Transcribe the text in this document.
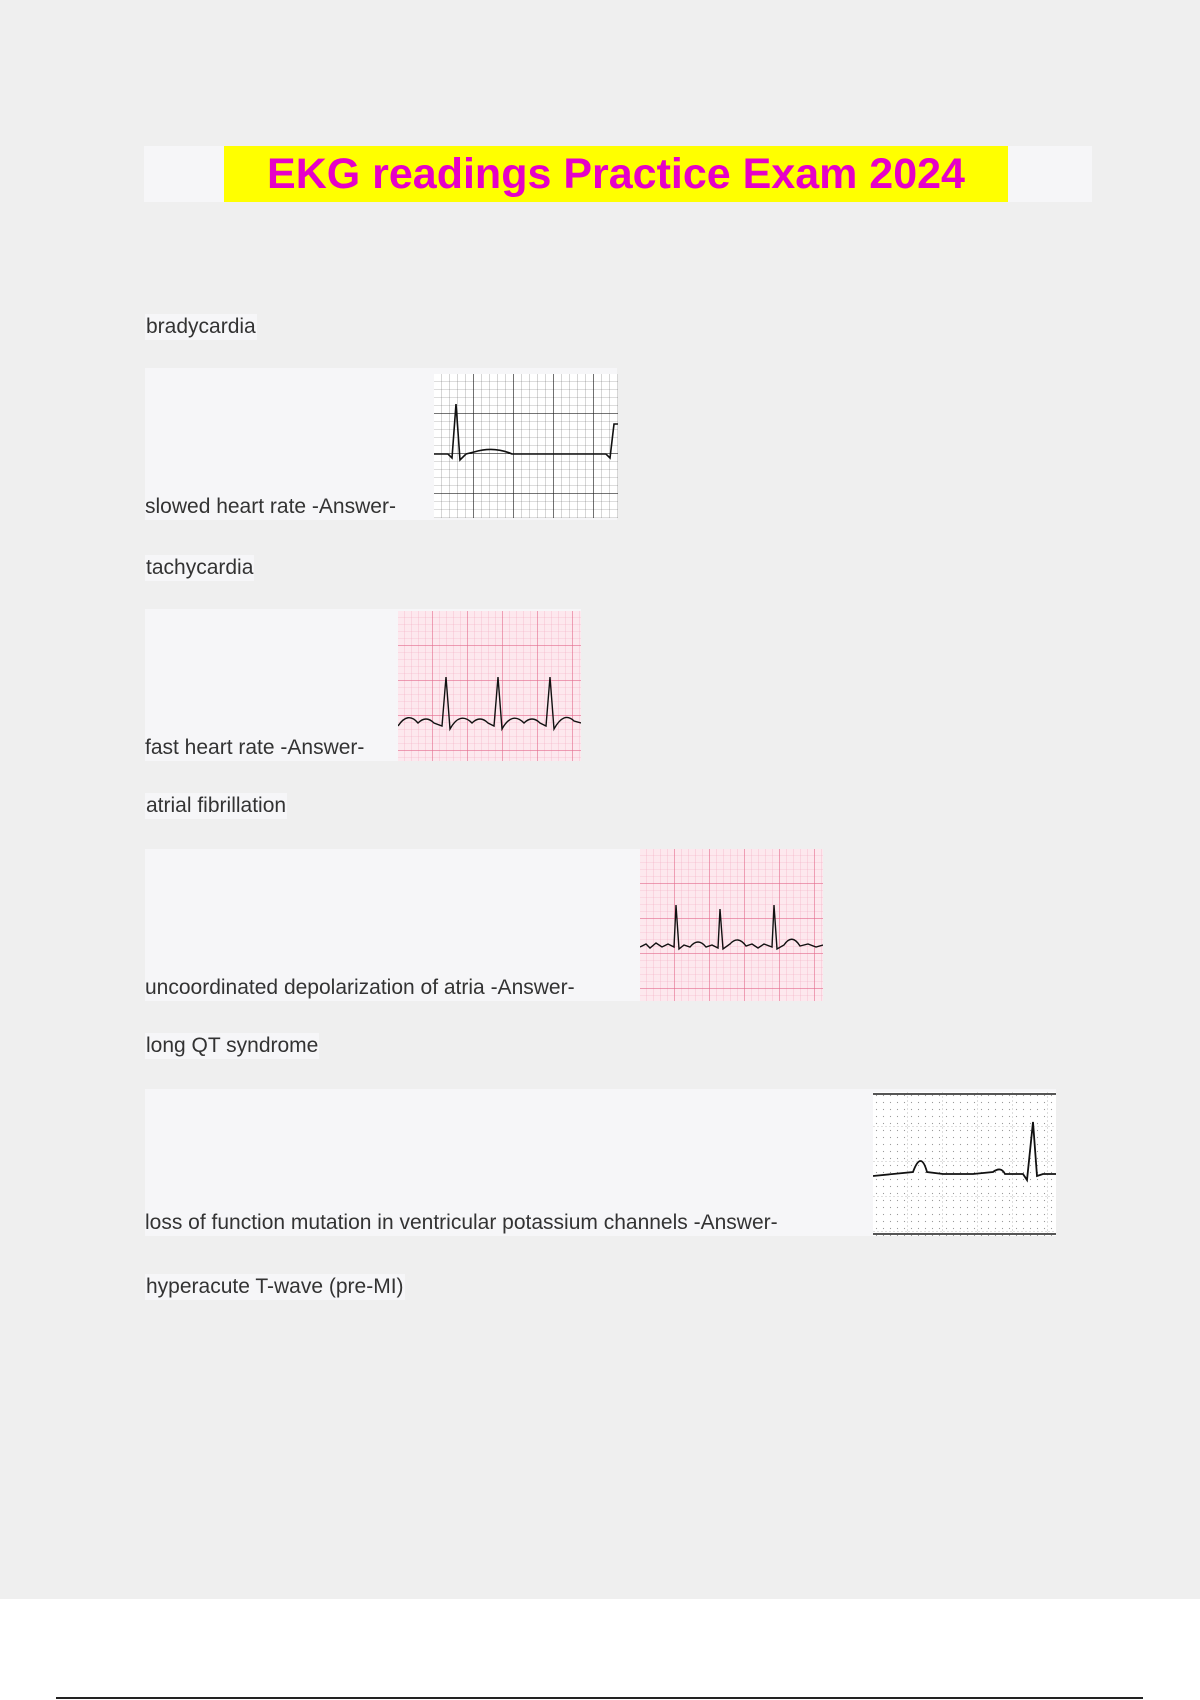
EKG readings Practice Exam 2024
bradycardia
slowed heart rate -Answer-
tachycardia
fast heart rate -Answer-
atrial fibrillation
uncoordinated depolarization of atria -Answer-
long QT syndrome
loss of function mutation in ventricular potassium channels -Answer-
hyperacute T-wave (pre-MI)
